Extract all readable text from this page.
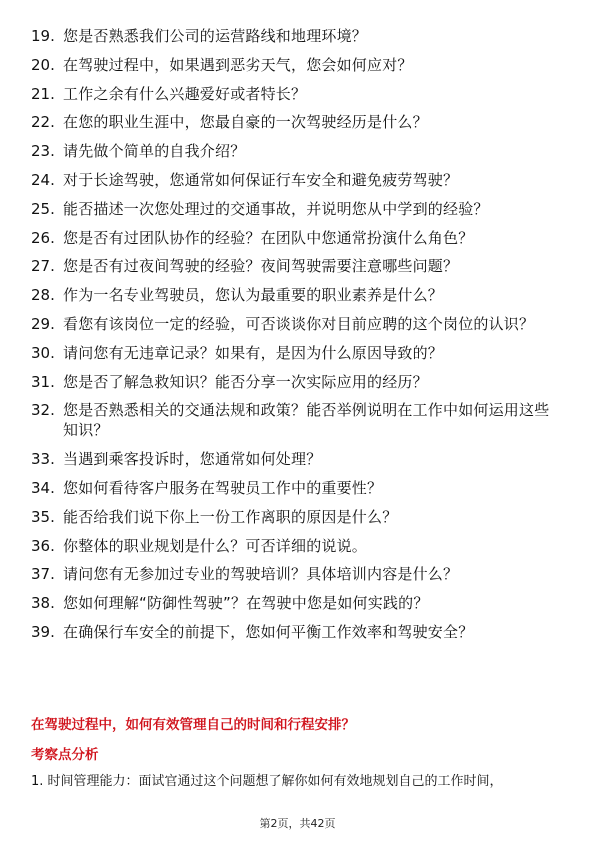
19. 您是否熟悉我们公司的运营路线和地理环境？
20. 在驾驶过程中，如果遇到恶劣天气，您会如何应对？
21. 工作之余有什么兴趣爱好或者特长？
22. 在您的职业生涯中，您最自豪的一次驾驶经历是什么？
23. 请先做个简单的自我介绍？
24. 对于长途驾驶，您通常如何保证行车安全和避免疲劳驾驶？
25. 能否描述一次您处理过的交通事故，并说明您从中学到的经验？
26. 您是否有过团队协作的经验？在团队中您通常扮演什么角色？
27. 您是否有过夜间驾驶的经验？夜间驾驶需要注意哪些问题？
28. 作为一名专业驾驶员，您认为最重要的职业素养是什么？
29. 看您有该岗位一定的经验，可否谈谈你对目前应聘的这个岗位的认识？
30. 请问您有无违章记录？如果有，是因为什么原因导致的？
31. 您是否了解急救知识？能否分享一次实际应用的经历？
32. 您是否熟悉相关的交通法规和政策？能否举例说明在工作中如何运用这些知识？
33. 当遇到乘客投诉时，您通常如何处理？
34. 您如何看待客户服务在驾驶员工作中的重要性？
35. 能否给我们说下你上一份工作离职的原因是什么？
36. 你整体的职业规划是什么？可否详细的说说。
37. 请问您有无参加过专业的驾驶培训？具体培训内容是什么？
38. 您如何理解“防御性驾驶”？在驾驶中您是如何实践的？
39. 在确保行车安全的前提下，您如何平衡工作效率和驾驶安全？
在驾驶过程中，如何有效管理自己的时间和行程安排？
考察点分析
1. 时间管理能力：面试官通过这个问题想了解你如何有效地规划自己的工作时间，
第2页，共42页
